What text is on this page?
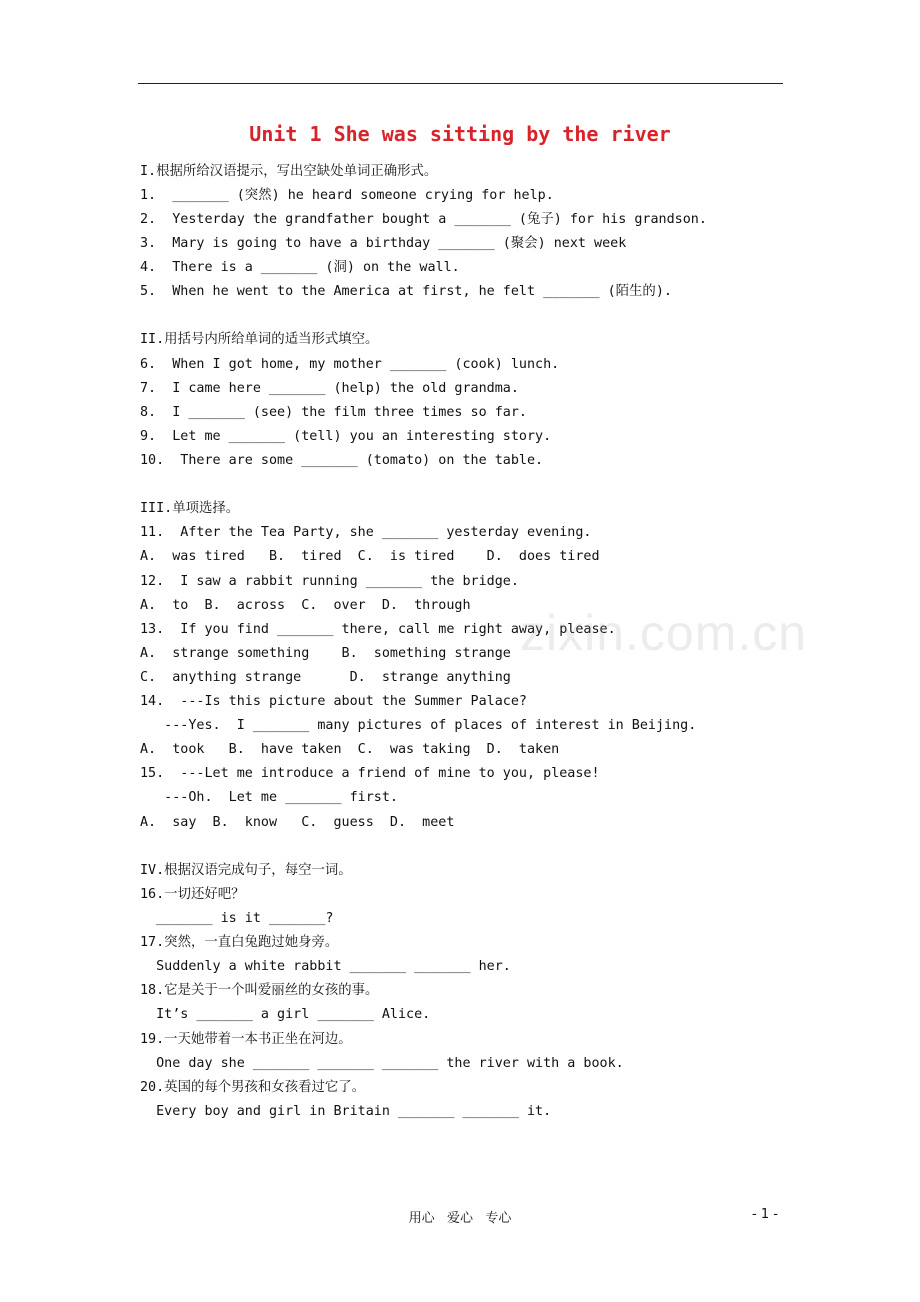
Unit 1 She was sitting by the river
I.根据所给汉语提示，写出空缺处单词正确形式。
1.  _______ (突然) he heard someone crying for help.
2.  Yesterday the grandfather bought a _______ (兔子) for his grandson.
3.  Mary is going to have a birthday _______ (聚会) next week
4.  There is a _______ (洞) on the wall.
5.  When he went to the America at first, he felt _______ (陌生的).
II.用括号内所给单词的适当形式填空。
6.  When I got home, my mother _______ (cook) lunch.
7.  I came here _______ (help) the old grandma.
8.  I _______ (see) the film three times so far.
9.  Let me _______ (tell) you an interesting story.
10.  There are some _______ (tomato) on the table.
III.单项选择。
11.  After the Tea Party, she _______ yesterday evening.
A.  was tired   B.  tired  C.  is tired    D.  does tired
12.  I saw a rabbit running _______ the bridge.
A.  to  B.  across  C.  over  D.  through
13.  If you find _______ there, call me right away, please.
A.  strange something    B.  something strange
C.  anything strange      D.  strange anything
14.  ---Is this picture about the Summer Palace?
---Yes.  I _______ many pictures of places of interest in Beijing.
A.  took   B.  have taken  C.  was taking  D.  taken
15.  ---Let me introduce a friend of mine to you, please!
---Oh.  Let me _______ first.
A.  say  B.  know   C.  guess  D.  meet
IV.根据汉语完成句子，每空一词。
16.一切还好吧？
_______ is it _______?
17.突然，一直白兔跑过她身旁。
Suddenly a white rabbit _______ _______ her.
18.它是关于一个叫爱丽丝的女孩的事。
It’s _______ a girl _______ Alice.
19.一天她带着一本书正坐在河边。
One day she _______ _______ _______ the river with a book.
20.英国的每个男孩和女孩看过它了。
Every boy and girl in Britain _______ _______ it.
zixin.com.cn
用心   爱心   专心	- 1 -
